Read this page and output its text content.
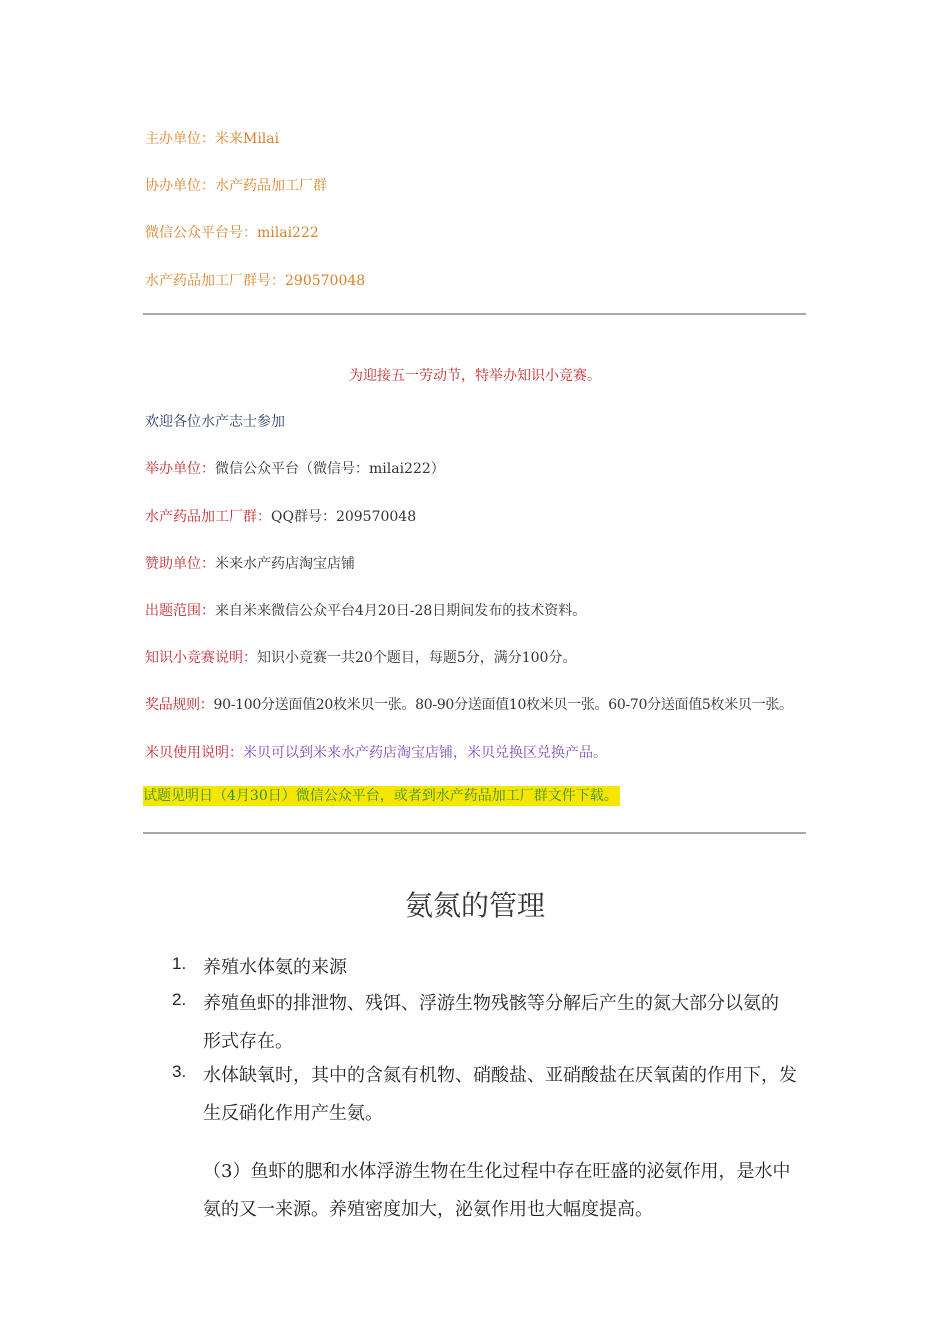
主办单位：米来Milai
协办单位：水产药品加工厂群
微信公众平台号：milai222
水产药品加工厂群号：290570048
为迎接五一劳动节，特举办知识小竞赛。
欢迎各位水产志士参加
举办单位：微信公众平台（微信号：milai222）
水产药品加工厂群：QQ群号：209570048
赞助单位：米来水产药店淘宝店铺
出题范围：来自米来微信公众平台4月20日-28日期间发布的技术资料。
知识小竞赛说明：知识小竞赛一共20个题目，每题5分，满分100分。
奖品规则：90-100分送面值20枚米贝一张。80-90分送面值10枚米贝一张。60-70分送面值5枚米贝一张。
米贝使用说明：米贝可以到米来水产药店淘宝店铺，米贝兑换区兑换产品。
试题见明日（4月30日）微信公众平台，或者到水产药品加工厂群文件下载。
氨氮的管理
1. 养殖水体氨的来源
2. 养殖鱼虾的排泄物、残饵、浮游生物残骸等分解后产生的氮大部分以氨的
形式存在。
3. 水体缺氧时，其中的含氮有机物、硝酸盐、亚硝酸盐在厌氧菌的作用下，发
生反硝化作用产生氨。
（3）鱼虾的腮和水体浮游生物在生化过程中存在旺盛的泌氨作用，是水中
氨的又一来源。养殖密度加大，泌氨作用也大幅度提高。
